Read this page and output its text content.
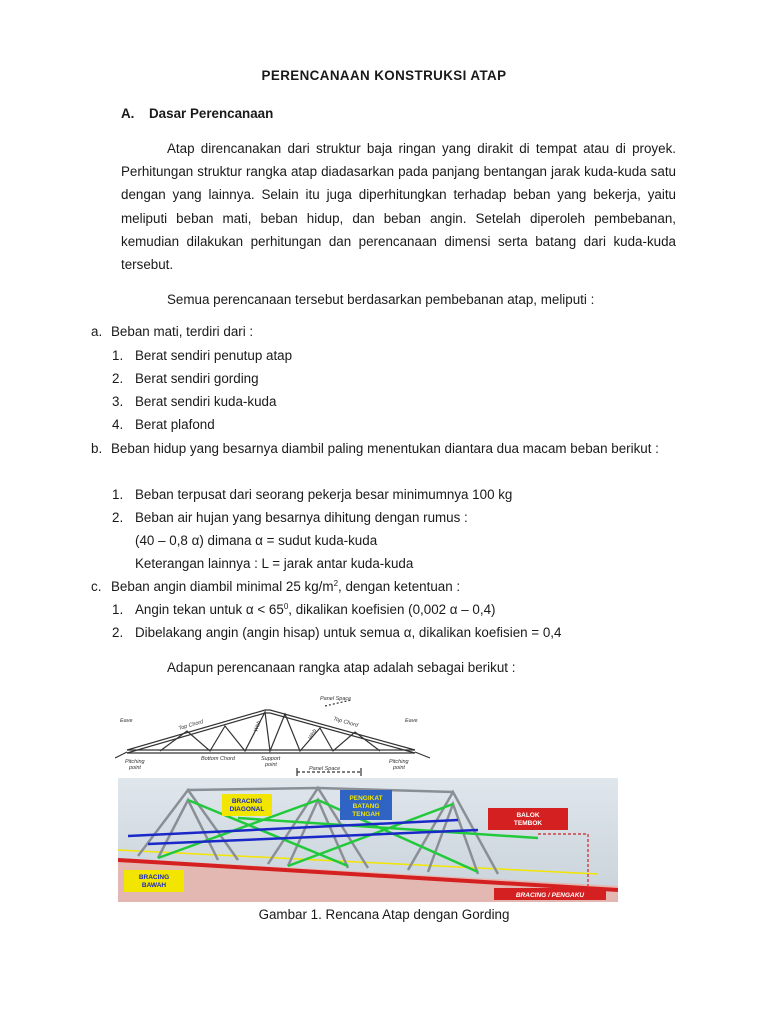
PERENCANAAN KONSTRUKSI ATAP
A. Dasar Perencanaan

Atap direncanakan dari struktur baja ringan yang dirakit di tempat atau di proyek. Perhitungan struktur rangka atap diadasarkan pada panjang bentangan jarak kuda-kuda satu dengan yang lainnya. Selain itu juga diperhitungkan terhadap beban yang bekerja, yaitu meliputi beban mati, beban hidup, dan beban angin. Setelah diperoleh pembebanan, kemudian dilakukan perhitungan dan perencanaan dimensi serta batang dari kuda-kuda tersebut.

Semua perencanaan tersebut berdasarkan pembebanan atap, meliputi :

a. Beban mati, terdiri dari :
1. Berat sendiri penutup atap
2. Berat sendiri gording
3. Berat sendiri kuda-kuda
4. Berat plafond

b. Beban hidup yang besarnya diambil paling menentukan diantara dua macam beban berikut :

1. Beban terpusat dari seorang pekerja besar minimumnya 100 kg
2. Beban air hujan yang besarnya dihitung dengan rumus :
(40 – 0,8 α) dimana α = sudut kuda-kuda
Keterangan lainnya : L = jarak antar kuda-kuda
c. Beban angin diambil minimal 25 $kg/m^2$, dengan ketentuan :
1. Angin tekan untuk $\alpha < 65^0$, dikalikan koefisien (0,002 α – 0,4)
2. Dibelakang angin (angin hisap) untuk semua α, dikalikan koefisien = 0,4

Adapun perencanaan rangka atap adalah sebagai berikut :

Eave	Eave
Top Chord	Top Chord
Bottom Chord
Web
Web
Panel Space
Panel Space
Pitching
point
Support
point	Pitching
point
BRACING
DIAGONAL
PENGIKAT
BATANG
TENGAH	BALOK
TEMBOK
BRACING
BAWAH
BRACING / PENGAKU
Gambar 1. Rencana Atap dengan Gording
